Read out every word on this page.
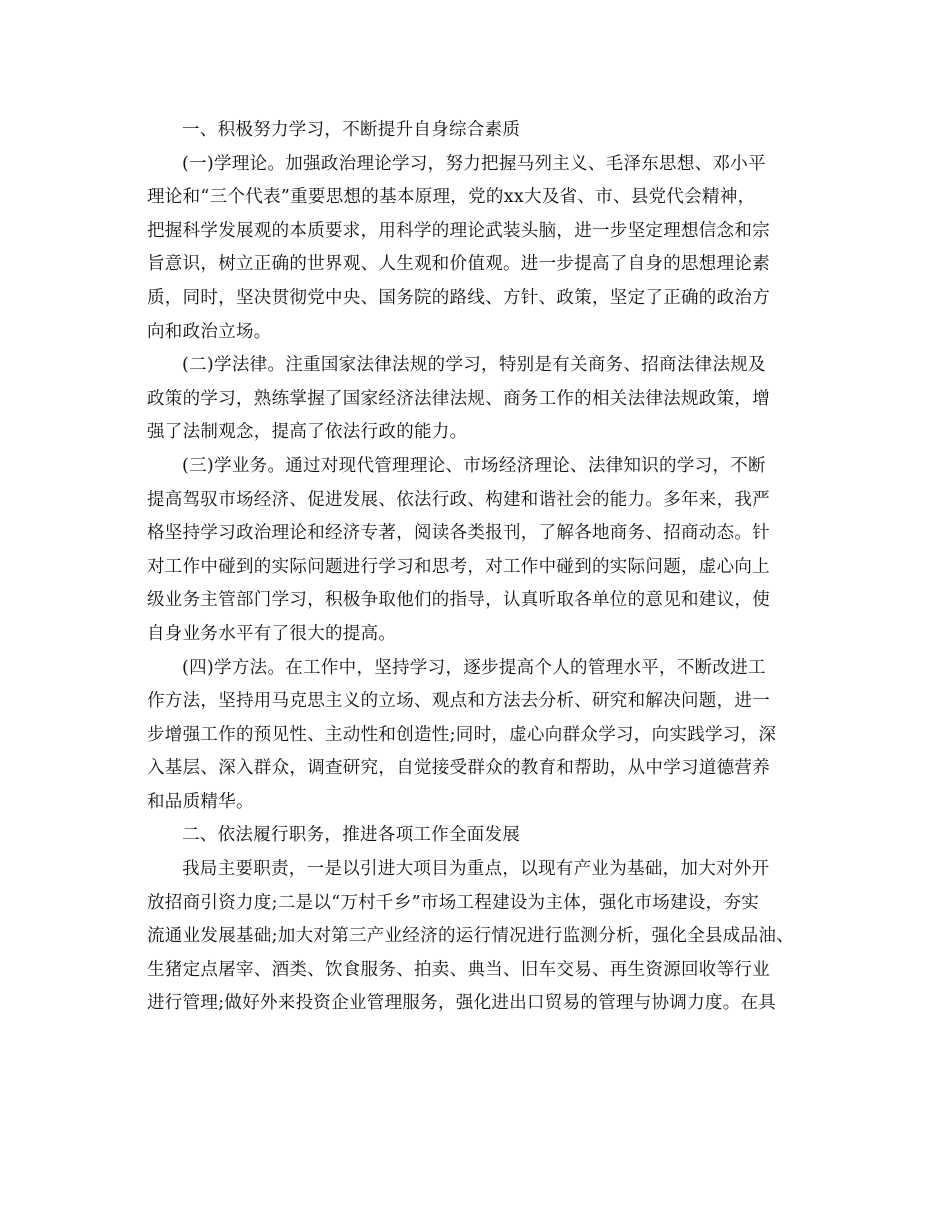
一、积极努力学习，不断提升自身综合素质
(一)学理论。加强政治理论学习，努力把握马列主义、毛泽东思想、邓小平
理论和“三个代表”重要思想的基本原理，党的xx大及省、市、县党代会精神，
把握科学发展观的本质要求，用科学的理论武装头脑，进一步坚定理想信念和宗
旨意识，树立正确的世界观、人生观和价值观。进一步提高了自身的思想理论素
质，同时，坚决贯彻党中央、国务院的路线、方针、政策，坚定了正确的政治方
向和政治立场。
(二)学法律。注重国家法律法规的学习，特别是有关商务、招商法律法规及
政策的学习，熟练掌握了国家经济法律法规、商务工作的相关法律法规政策，增
强了法制观念，提高了依法行政的能力。
(三)学业务。通过对现代管理理论、市场经济理论、法律知识的学习，不断
提高驾驭市场经济、促进发展、依法行政、构建和谐社会的能力。多年来，我严
格坚持学习政治理论和经济专著，阅读各类报刊，了解各地商务、招商动态。针
对工作中碰到的实际问题进行学习和思考，对工作中碰到的实际问题，虚心向上
级业务主管部门学习，积极争取他们的指导，认真听取各单位的意见和建议，使
自身业务水平有了很大的提高。
(四)学方法。在工作中，坚持学习，逐步提高个人的管理水平，不断改进工
作方法，坚持用马克思主义的立场、观点和方法去分析、研究和解决问题，进一
步增强工作的预见性、主动性和创造性;同时，虚心向群众学习，向实践学习，深
入基层、深入群众，调查研究，自觉接受群众的教育和帮助，从中学习道德营养
和品质精华。
二、依法履行职务，推进各项工作全面发展
我局主要职责，一是以引进大项目为重点，以现有产业为基础，加大对外开
放招商引资力度;二是以“万村千乡”市场工程建设为主体，强化市场建设，夯实
流通业发展基础;加大对第三产业经济的运行情况进行监测分析，强化全县成品油、
生猪定点屠宰、酒类、饮食服务、拍卖、典当、旧车交易、再生资源回收等行业
进行管理;做好外来投资企业管理服务，强化进出口贸易的管理与协调力度。在具
